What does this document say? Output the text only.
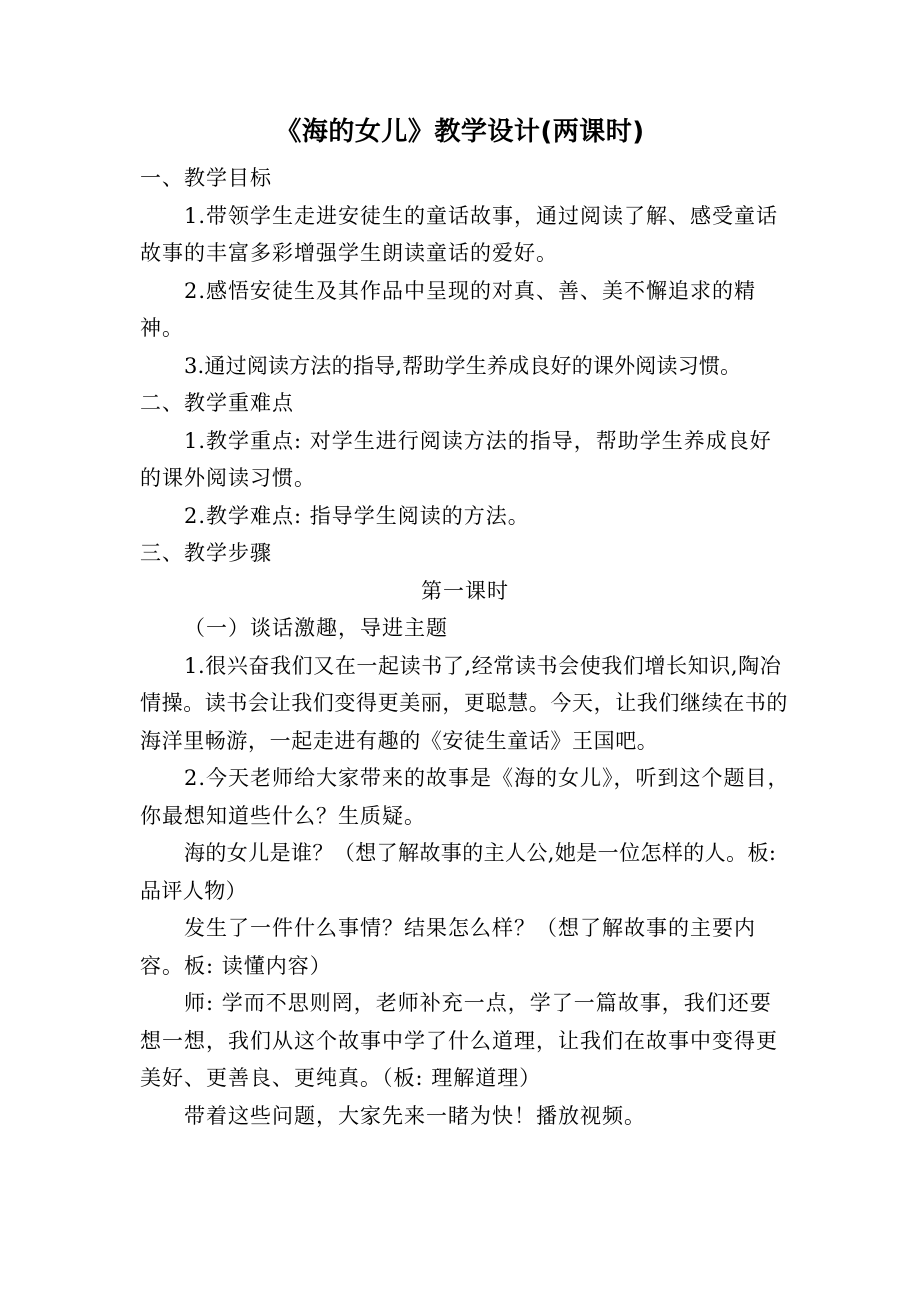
《海的女儿》教学设计(两课时)

一、教学目标

1.带领学生走进安徒生的童话故事，通过阅读了解、感受童话故事的丰富多彩增强学生朗读童话的爱好。

2.感悟安徒生及其作品中呈现的对真、善、美不懈追求的精神。

3.通过阅读方法的指导,帮助学生养成良好的课外阅读习惯。

二、教学重难点

1.教学重点: 对学生进行阅读方法的指导，帮助学生养成良好的课外阅读习惯。

2.教学难点: 指导学生阅读的方法。

三、教学步骤

第一课时

（一）谈话激趣，导进主题

1.很兴奋我们又在一起读书了,经常读书会使我们增长知识,陶冶情操。读书会让我们变得更美丽，更聪慧。今天，让我们继续在书的海洋里畅游，一起走进有趣的《安徒生童话》王国吧。

2.今天老师给大家带来的故事是《海的女儿》，听到这个题目，你最想知道些什么？生质疑。

海的女儿是谁？（想了解故事的主人公,她是一位怎样的人。板: 品评人物）

发生了一件什么事情？结果怎么样？（想了解故事的主要内容。板: 读懂内容）

师: 学而不思则罔，老师补充一点，学了一篇故事，我们还要想一想，我们从这个故事中学了什么道理，让我们在故事中变得更美好、更善良、更纯真。（板: 理解道理）

带着这些问题，大家先来一睹为快！播放视频。
